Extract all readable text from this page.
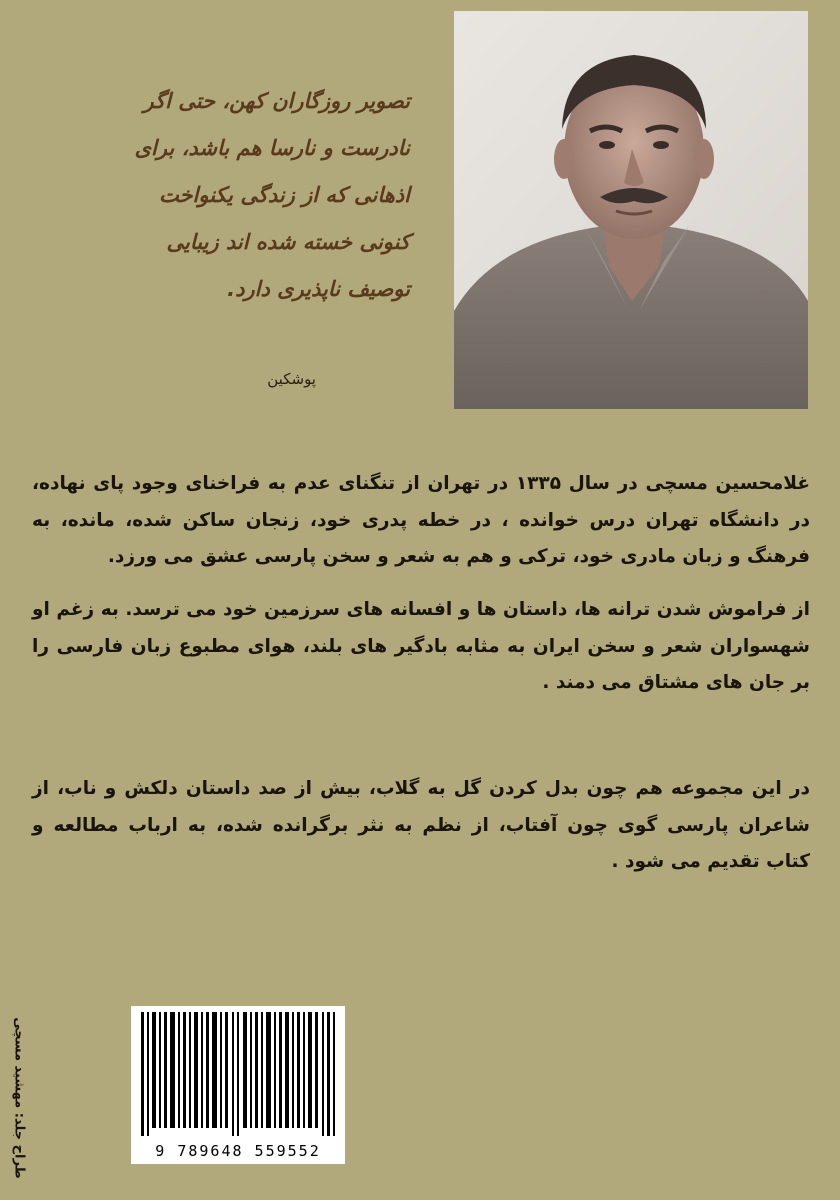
تصویر روزگاران کهن، حتی اگر
نادرست و نارسا هم باشد، برای
اذهانی که از زندگی یکنواخت
کنونی خسته شده اند زیبایی
توصیف ناپذیری دارد.
پوشکین

غلامحسین مسچی در سال ۱۳۳۵ در تهران از تنگنای عدم به فراخنای وجود پای نهاده، در دانشگاه تهران درس خوانده ، در خطه پدری خود، زنجان ساکن شده، مانده، به فرهنگ و زبان مادری خود، ترکی و هم به شعر و سخن پارسی عشق می ورزد.

از فراموش شدن ترانه ها، داستان ها و افسانه های سرزمین خود می ترسد. به زغم او شهسواران شعر و سخن ایران به مثابه بادگیر های بلند، هوای مطبوع زبان فارسی را بر جان های مشتاق می دمند .

در این مجموعه هم چون بدل کردن گل به گلاب، بیش از صد داستان دلکش و ناب، از شاعران پارسی گوی چون آفتاب، از نظم به نثر برگرانده شده، به ارباب مطالعه و کتاب تقدیم می شود .

9 789648 559552
طراح جلد: مهشید مسچی
